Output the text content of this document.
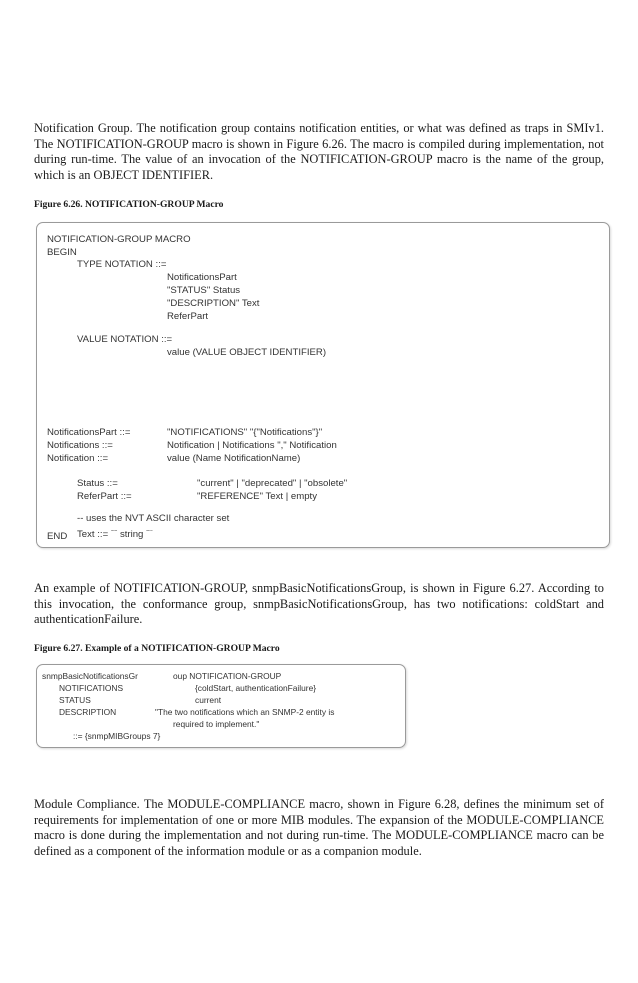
Notification Group. The notification group contains notification entities, or what was defined as traps in SMIv1. The NOTIFICATION-GROUP macro is shown in Figure 6.26. The macro is compiled during implementation, not during run-time. The value of an invocation of the NOTIFICATION-GROUP macro is the name of the group, which is an OBJECT IDENTIFIER.
Figure 6.26. NOTIFICATION-GROUP Macro
NOTIFICATION-GROUP MACRO
BEGIN
TYPE NOTATION ::=
NotificationsPart
"STATUS" Status
"DESCRIPTION" Text
ReferPart
VALUE NOTATION ::=
value (VALUE OBJECT IDENTIFIER)
NotificationsPart ::=	"NOTIFICATIONS" "{"Notifications"}"
Notifications ::=	Notification | Notifications "," Notification
Notification ::=	value (Name NotificationName)
Status ::=	"current" | "deprecated" | "obsolete"
ReferPart ::=	"REFERENCE" Text | empty
-- uses the NVT ASCII character set
Text ::= """" string """"
END
An example of NOTIFICATION-GROUP, snmpBasicNotificationsGroup, is shown in Figure 6.27. According to this invocation, the conformance group, snmpBasicNotificationsGroup, has two notifications: coldStart and authenticationFailure.
Figure 6.27. Example of a NOTIFICATION-GROUP Macro
snmpBasicNotificationsGr	oup NOTIFICATION-GROUP
NOTIFICATIONS	{coldStart, authenticationFailure}
STATUS	current
DESCRIPTION	"The two notifications which an SNMP-2 entity is
required to implement."
::= {snmpMIBGroups 7}
Module Compliance. The MODULE-COMPLIANCE macro, shown in Figure 6.28, defines the minimum set of requirements for implementation of one or more MIB modules. The expansion of the MODULE-COMPLIANCE macro is done during the implementation and not during run-time. The MODULE-COMPLIANCE macro can be defined as a component of the information module or as a companion module.
